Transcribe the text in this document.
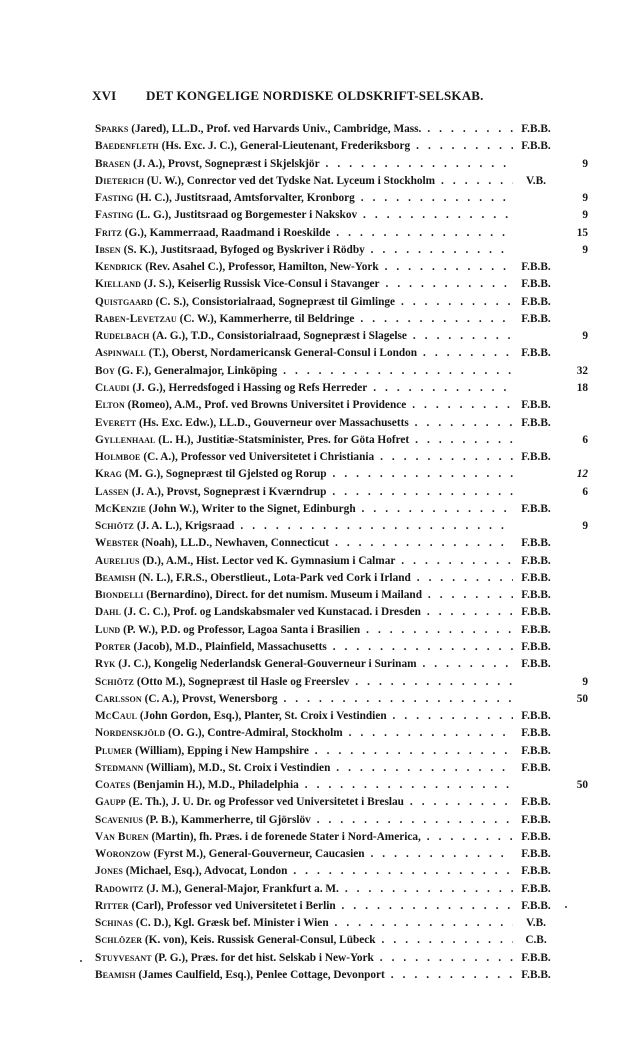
XVI	DET KONGELIGE NORDISKE OLDSKRIFT-SELSKAB.
Sparks (Jared), LL.D., Prof. ved Harvards Univ., Cambridge, Mass. . . .	F.B.B.
Baedenfleth (Hs. Exc. J. C.), General-Lieutenant, Frederiksborg . . .	F.B.B.
Brasen (J. A.), Provst, Sognepræst i Skjelskjör . . .	9
Dieterich (U. W.), Conrector ved det Tydske Nat. Lyceum i Stockholm . . .	V.B.
Fasting (H. C.), Justitsraad, Amtsforvalter, Kronborg . . .	9
Fasting (L. G.), Justitsraad og Borgemester i Nakskov . . .	9
Fritz (G.), Kammerraad, Raadmand i Roeskilde . . .	15
Ibsen (S. K.), Justitsraad, Byfoged og Byskriver i Rödby . . .	9
Kendrick (Rev. Asahel C.), Professor, Hamilton, New-York . . .	F.B.B.
Kielland (J. S.), Keiserlig Russisk Vice-Consul i Stavanger . . .	F.B.B.
Quistgaard (C. S.), Consistorialraad, Sognepræst til Gimlinge . . .	F.B.B.
Raben-Levetzau (C. W.), Kammerherre, til Beldringe . . .	F.B.B.
Rudelbach (A. G.), T.D., Consistorialraad, Sognepræst i Slagelse . . .	9
Aspinwall (T.), Oberst, Nordamericansk General-Consul i London . . .	F.B.B.
Boy (G. F.), Generalmajor, Linköping . . .	32
Claudi (J. G.), Herredsfoged i Hassing og Refs Herreder . . .	18
Elton (Romeo), A.M., Prof. ved Browns Universitet i Providence . . .	F.B.B.
Everett (Hs. Exc. Edw.), LL.D., Gouverneur over Massachusetts . . .	F.B.B.
Gyllenhaal (L. H.), Justitiæ-Statsminister, Pres. for Göta Hofret . . .	6
Holmboe (C. A.), Professor ved Universitetet i Christiania . . .	F.B.B.
Krag (M. G.), Sognepræst til Gjelsted og Rorup . . .	12
Lassen (J. A.), Provst, Sognepræst i Kværndrup . . .	6
McKenzie (John W.), Writer to the Signet, Edinburgh . . .	F.B.B.
Schiötz (J. A. L.), Krigsraad . . .	9
Webster (Noah), LL.D., Newhaven, Connecticut . . .	F.B.B.
Aurelius (D.), A.M., Hist. Lector ved K. Gymnasium i Calmar . . .	F.B.B.
Beamish (N. L.), F.R.S., Oberstlieut., Lota-Park ved Cork i Irland . . .	F.B.B.
Biondelli (Bernardino), Direct. for det numism. Museum i Mailand . . .	F.B.B.
Dahl (J. C. C.), Prof. og Landskabsmaler ved Kunstacad. i Dresden . . .	F.B.B.
Lund (P. W.), P.D. og Professor, Lagoa Santa i Brasilien . . .	F.B.B.
Porter (Jacob), M.D., Plainfield, Massachusetts . . .	F.B.B.
Ryk (J. C.), Kongelig Nederlandsk General-Gouverneur i Surinam . . .	F.B.B.
Schiötz (Otto M.), Sognepræst til Hasle og Freerslev . . .	9
Carlsson (C. A.), Provst, Wenersborg . . .	50
McCaul (John Gordon, Esq.), Planter, St. Croix i Vestindien . . .	F.B.B.
Nordenskjöld (O. G.), Contre-Admiral, Stockholm . . .	F.B.B.
Plumer (William), Epping i New Hampshire . . .	F.B.B.
Stedmann (William), M.D., St. Croix i Vestindien . . .	F.B.B.
Coates (Benjamin H.), M.D., Philadelphia . . .	50
Gaupp (E. Th.), J. U. Dr. og Professor ved Universitetet i Breslau . . .	F.B.B.
Scavenius (P. B.), Kammerherre, til Gjörslöv . . .	F.B.B.
Van Buren (Martin), fh. Præs. i de forenede Stater i Nord-America, . . .	F.B.B.
Woronzow (Fyrst M.), General-Gouverneur, Caucasien . . .	F.B.B.
Jones (Michael, Esq.), Advocat, London . . .	F.B.B.
Radowitz (J. M.), General-Major, Frankfurt a. M. . . .	F.B.B.
Ritter (Carl), Professor ved Universitetet i Berlin . . .	F.B.B.
Schinas (C. D.), Kgl. Græsk bef. Minister i Wien . . .	V.B.
Schlözer (K. von), Keis. Russisk General-Consul, Lübeck . . .	C.B.
Stuyvesant (P. G.), Præs. for det hist. Selskab i New-York . . .	F.B.B.
Beamish (James Caulfield, Esq.), Penlee Cottage, Devonport . . .	F.B.B.
